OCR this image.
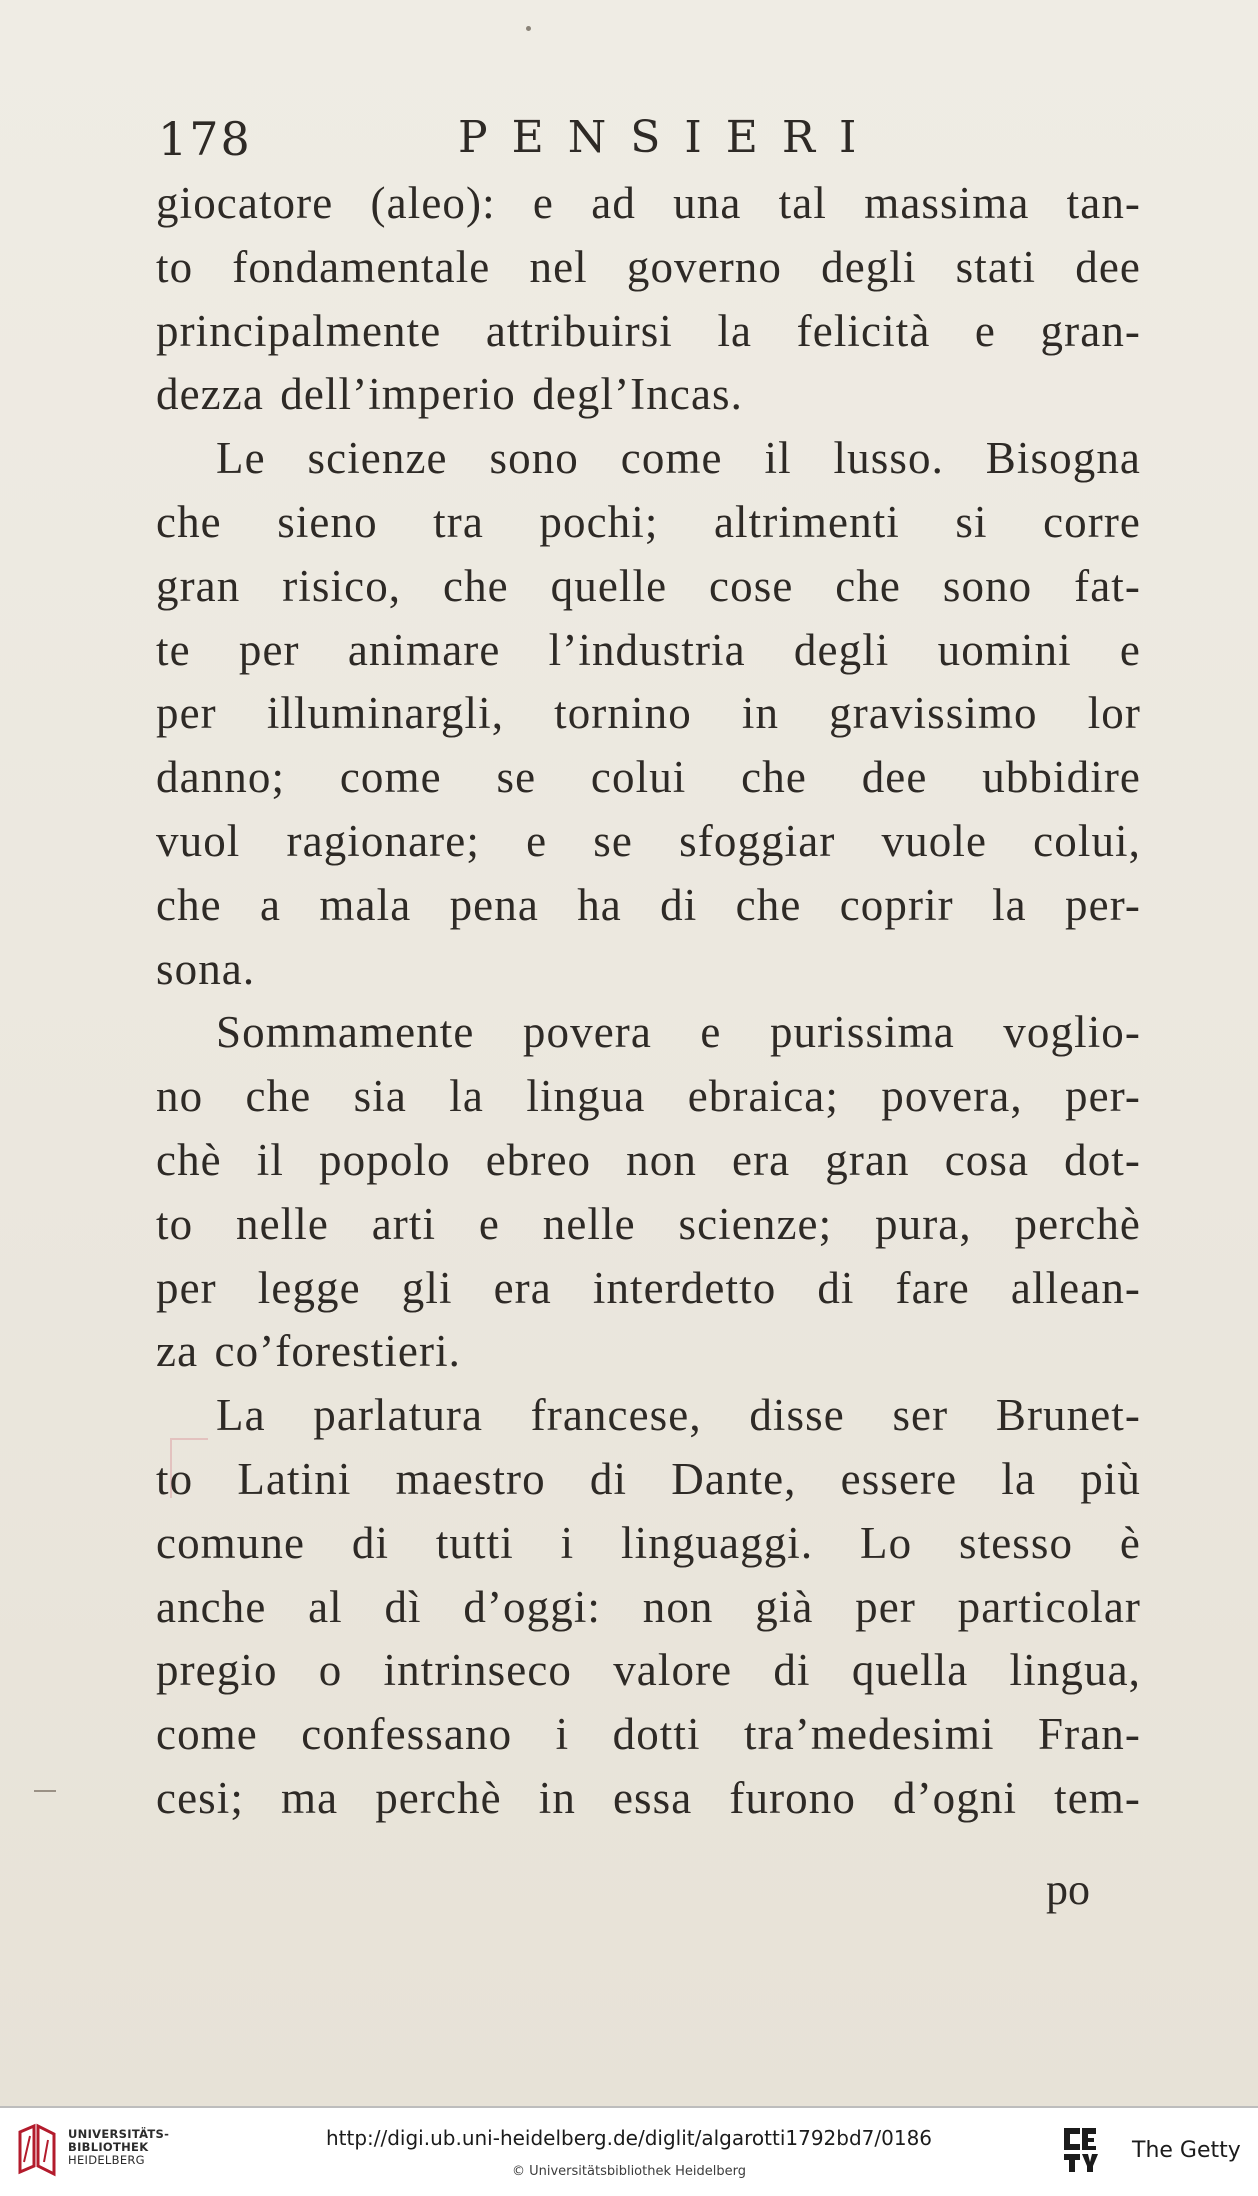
178	PENSIERI
giocatore (aleo): e ad una tal massima tan-
to fondamentale nel governo degli stati dee
principalmente attribuirsi la felicità e gran-
dezza dell’imperio degl’Incas.
Le scienze sono come il lusso. Bisogna
che sieno tra pochi; altrimenti si corre
gran risico, che quelle cose che sono fat-
te per animare l’industria degli uomini e
per illuminargli, tornino in gravissimo lor
danno; come se colui che dee ubbidire
vuol ragionare; e se sfoggiar vuole colui,
che a mala pena ha di che coprir la per-
sona.
Sommamente povera e purissima voglio-
no che sia la lingua ebraica; povera, per-
chè il popolo ebreo non era gran cosa dot-
to nelle arti e nelle scienze; pura, perchè
per legge gli era interdetto di fare allean-
za co’forestieri.
La parlatura francese, disse ser Brunet-
to Latini maestro di Dante, essere la più
comune di tutti i linguaggi. Lo stesso è
anche al dì d’oggi: non già per particolar
pregio o intrinseco valore di quella lingua,
come confessano i dotti tra’medesimi Fran-
cesi; ma perchè in essa furono d’ogni tem-
po
UNIVERSITÄTS-
BIBLIOTHEK
HEIDELBERG
http://digi.ub.uni-heidelberg.de/diglit/algarotti1792bd7/0186
© Universitätsbibliothek Heidelberg
The Getty
